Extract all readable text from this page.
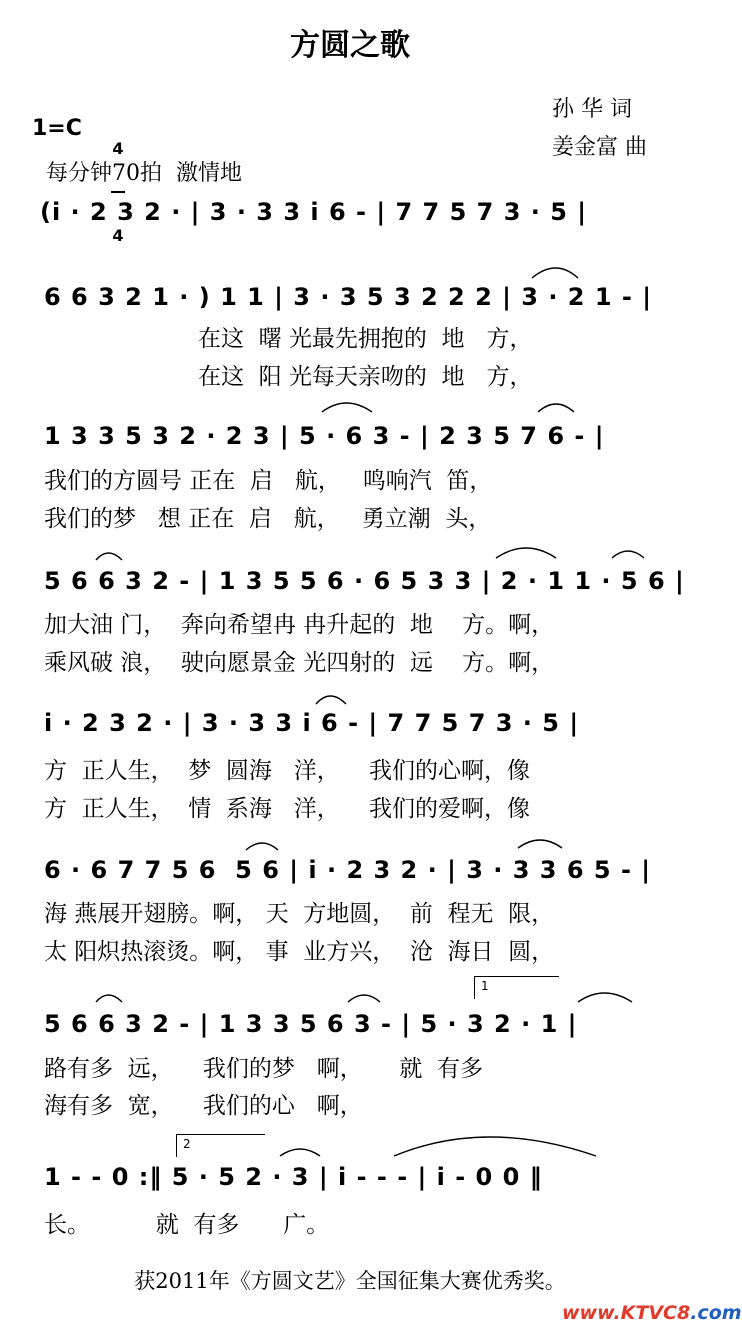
方圆之歌
孙 华 词
姜金富 曲
1=C

4

4

每分钟70拍  激情地
(i · 2 3 2 · | 3 · 3 3 i 6 - | 7 7 5 7 3 · 5 |
6 6 3 2 1 · ) 1 1 | 3 · 3 5 3 2 2 2 | 3 · 2 1 - |
在这  曙 光最先拥抱的  地   方，
在这  阳 光每天亲吻的  地   方，
1 3 3 5 3 2 · 2 3 | 5 · 6 3 - | 2 3 5 7 6 - |
我们的方圆号 正在  启   航，   鸣响汽  笛，
我们的梦   想 正在  启   航，   勇立潮  头，
5 6 6 3 2 - | 1 3 5 5 6 · 6 5 3 3 | 2 · 1 1 · 5 6 |
加大油 门，  奔向希望冉 冉升起的  地    方。啊，
乘风破 浪，  驶向愿景金 光四射的  远    方。啊，
i · 2 3 2 · | 3 · 3 3 i 6 - | 7 7 5 7 3 · 5 |
方  正人生，  梦  圆海   洋，    我们的心啊，像
方  正人生，  情  系海   洋，    我们的爱啊，像
6 · 6 7 7 5 6  5 6 | i · 2 3 2 · | 3 · 3 3 6 5 - |
海 燕展开翅膀。啊， 天  方地圆，  前  程无  限，
太 阳炽热滚烫。啊， 事  业方兴，  沧  海日  圆，
5 6 6 3 2 - | 1 3 3 5 6 3 - | 5 · 3 2 · 1 |
路有多  远，    我们的梦   啊，     就  有多
海有多  宽，    我们的心   啊，
1 - - 0 :‖ 5 · 5 2 · 3 | i - - - | i - 0 0 ‖
长。         就  有多      广。

1

2

获2011年《方圆文艺》全国征集大赛优秀奖。
www.KTVC8.com
